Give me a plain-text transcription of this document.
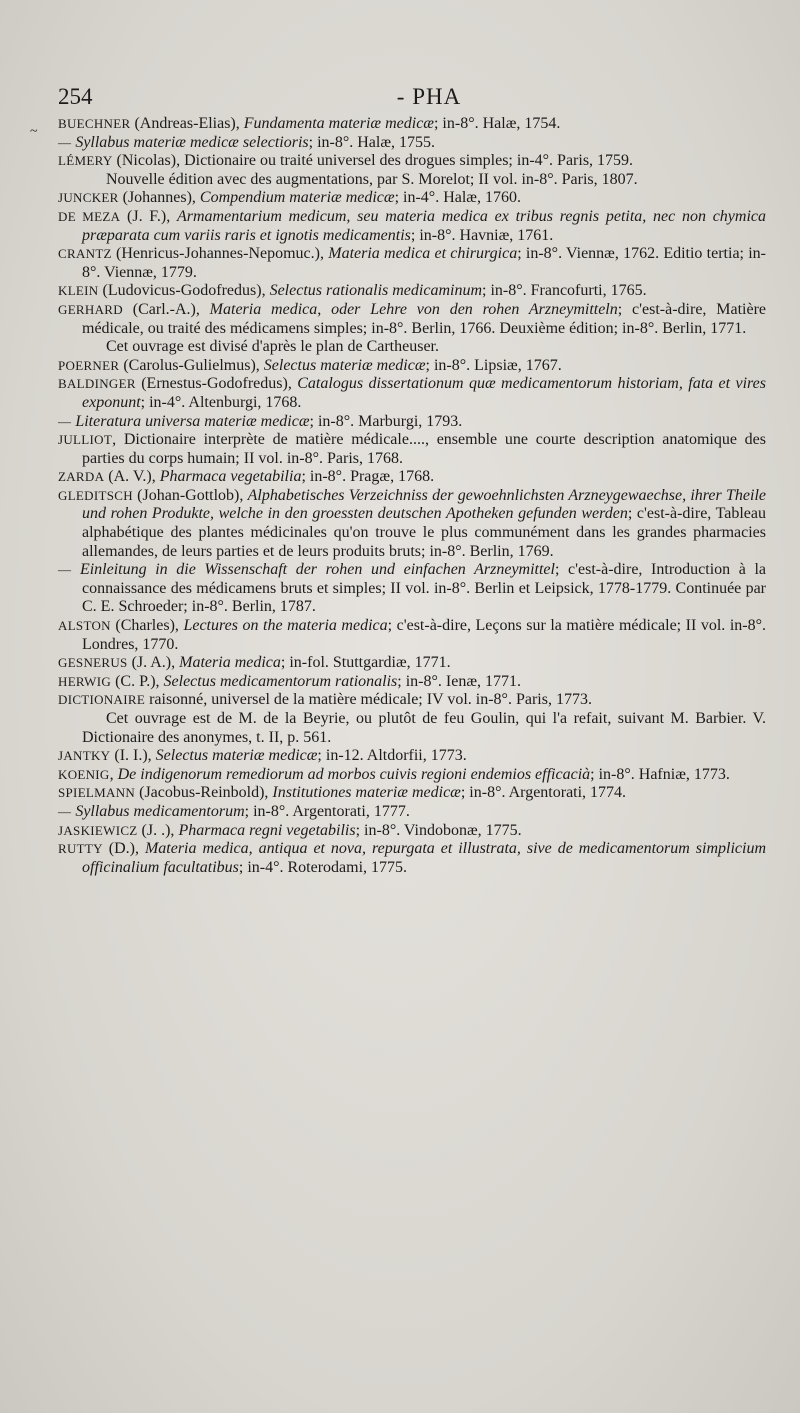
254	- PHA
~

BUECHNER (Andreas-Elias), Fundamenta materiæ medicæ; in-8°. Halæ, 1754.

— Syllabus materiæ medicæ selectioris; in-8°. Halæ, 1755.

LÉMERY (Nicolas), Dictionaire ou traité universel des drogues simples; in-4°. Paris, 1759.

Nouvelle édition avec des augmentations, par S. Morelot; II vol. in-8°. Paris, 1807.

JUNCKER (Johannes), Compendium materiæ medicæ; in-4°. Halæ, 1760.

DE MEZA (J. F.), Armamentarium medicum, seu materia medica ex tribus regnis petita, nec non chymica præparata cum variis raris et ignotis medicamentis; in-8°. Havniæ, 1761.

CRANTZ (Henricus-Johannes-Nepomuc.), Materia medica et chirurgica; in-8°. Viennæ, 1762. Editio tertia; in-8°. Viennæ, 1779.

KLEIN (Ludovicus-Godofredus), Selectus rationalis medicaminum; in-8°. Francofurti, 1765.

GERHARD (Carl.-A.), Materia medica, oder Lehre von den rohen Arzneymitteln; c'est-à-dire, Matière médicale, ou traité des médicamens simples; in-8°. Berlin, 1766. Deuxième édition; in-8°. Berlin, 1771.

Cet ouvrage est divisé d'après le plan de Cartheuser.

POERNER (Carolus-Gulielmus), Selectus materiæ medicæ; in-8°. Lipsiæ, 1767.

BALDINGER (Ernestus-Godofredus), Catalogus dissertationum quæ medicamentorum historiam, fata et vires exponunt; in-4°. Altenburgi, 1768.

— Literatura universa materiæ medicæ; in-8°. Marburgi, 1793.

JULLIOT, Dictionaire interprète de matière médicale...., ensemble une courte description anatomique des parties du corps humain; II vol. in-8°. Paris, 1768.

ZARDA (A. V.), Pharmaca vegetabilia; in-8°. Pragæ, 1768.

GLEDITSCH (Johan-Gottlob), Alphabetisches Verzeichniss der gewoehnlichsten Arzneygewaechse, ihrer Theile und rohen Produkte, welche in den groessten deutschen Apotheken gefunden werden; c'est-à-dire, Tableau alphabétique des plantes médicinales qu'on trouve le plus communément dans les grandes pharmacies allemandes, de leurs parties et de leurs produits bruts; in-8°. Berlin, 1769.

— Einleitung in die Wissenschaft der rohen und einfachen Arzneymittel; c'est-à-dire, Introduction à la connaissance des médicamens bruts et simples; II vol. in-8°. Berlin et Leipsick, 1778-1779. Continuée par C. E. Schroeder; in-8°. Berlin, 1787.

ALSTON (Charles), Lectures on the materia medica; c'est-à-dire, Leçons sur la matière médicale; II vol. in-8°. Londres, 1770.

GESNERUS (J. A.), Materia medica; in-fol. Stuttgardiæ, 1771.

HERWIG (C. P.), Selectus medicamentorum rationalis; in-8°. Ienæ, 1771.

DICTIONAIRE raisonné, universel de la matière médicale; IV vol. in-8°. Paris, 1773.

Cet ouvrage est de M. de la Beyrie, ou plutôt de feu Goulin, qui l'a refait, suivant M. Barbier. V. Dictionaire des anonymes, t. II, p. 561.

JANTKY (I. I.), Selectus materiæ medicæ; in-12. Altdorfii, 1773.

KOENIG, De indigenorum remediorum ad morbos cuivis regioni endemios efficacià; in-8°. Hafniæ, 1773.

SPIELMANN (Jacobus-Reinbold), Institutiones materiæ medicæ; in-8°. Argentorati, 1774.

— Syllabus medicamentorum; in-8°. Argentorati, 1777.

JASKIEWICZ (J. .), Pharmaca regni vegetabilis; in-8°. Vindobonæ, 1775.

RUTTY (D.), Materia medica, antiqua et nova, repurgata et illustrata, sive de medicamentorum simplicium officinalium facultatibus; in-4°. Roterodami, 1775.
